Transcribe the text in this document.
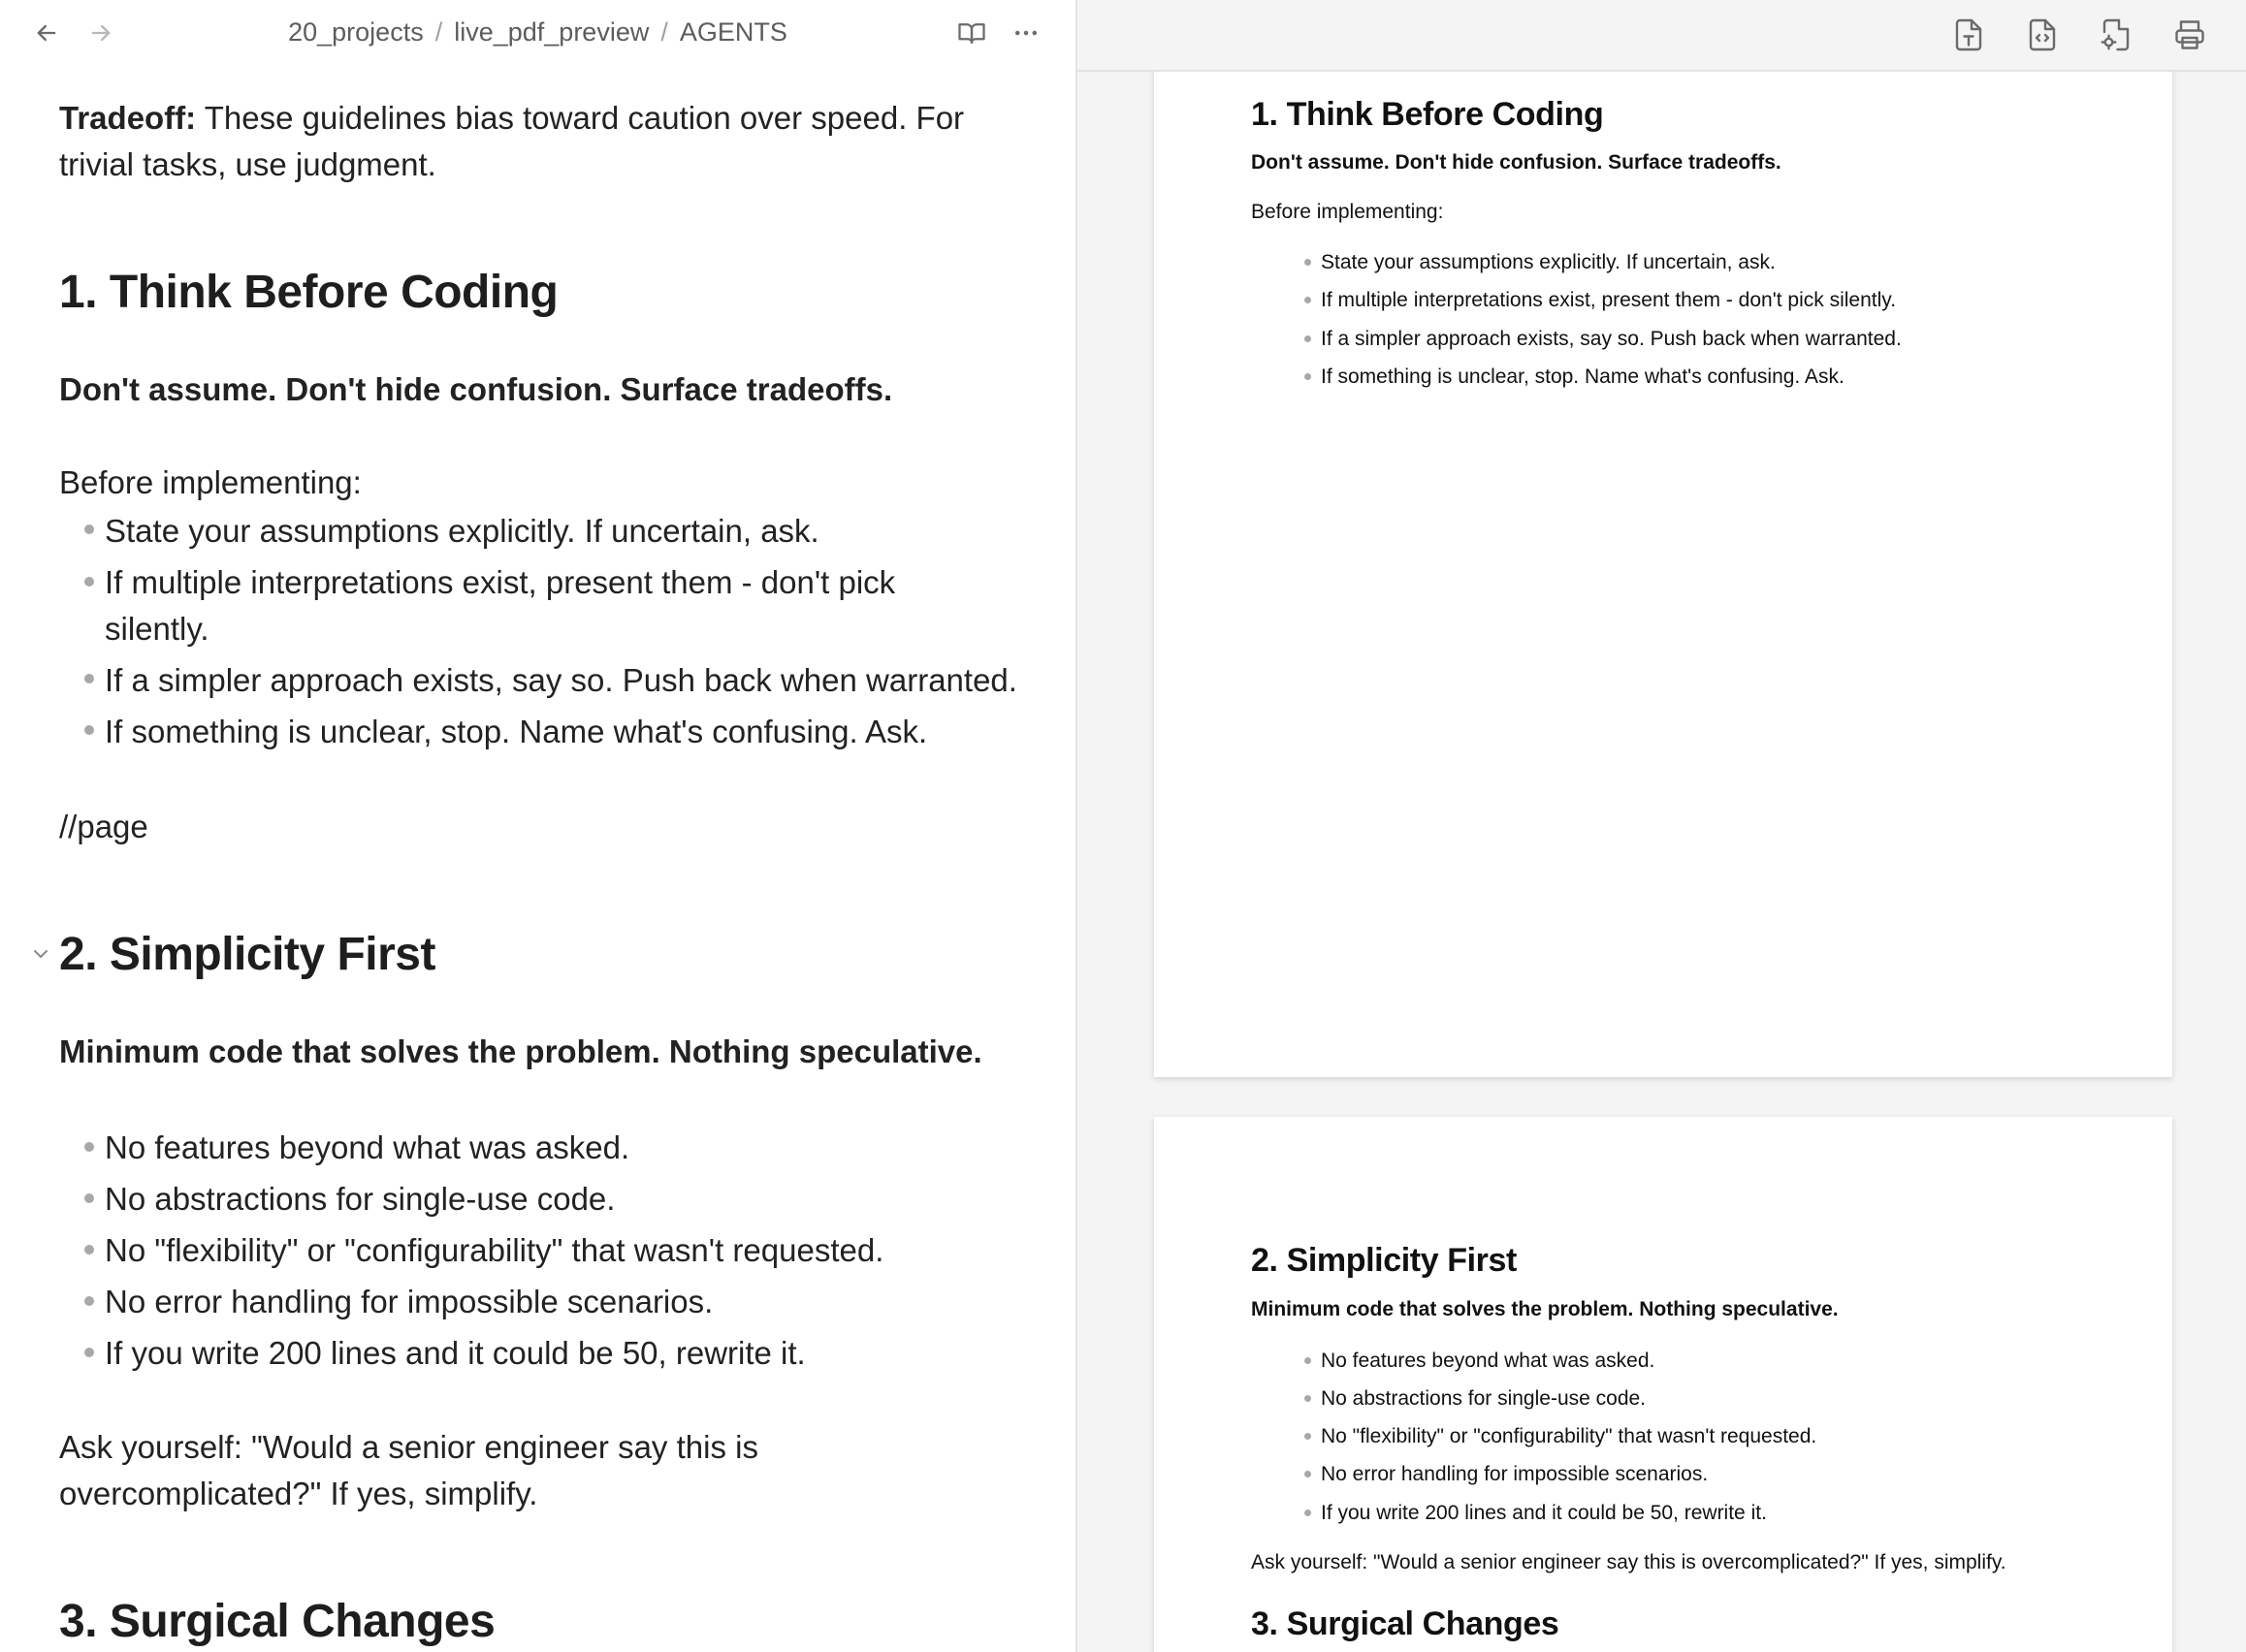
20_projects / live_pdf_preview / AGENTS
Tradeoff: These guidelines bias toward caution over speed. For
trivial tasks, use judgment.
1. Think Before Coding
Don't assume. Don't hide confusion. Surface tradeoffs.
Before implementing:
State your assumptions explicitly. If uncertain, ask.
If multiple interpretations exist, present them - don't pick
silently.
If a simpler approach exists, say so. Push back when warranted.
If something is unclear, stop. Name what's confusing. Ask.
//page
2. Simplicity First
Minimum code that solves the problem. Nothing speculative.
No features beyond what was asked.
No abstractions for single-use code.
No "flexibility" or "configurability" that wasn't requested.
No error handling for impossible scenarios.
If you write 200 lines and it could be 50, rewrite it.
Ask yourself: "Would a senior engineer say this is
overcomplicated?" If yes, simplify.
3. Surgical Changes
1. Think Before Coding
Don't assume. Don't hide confusion. Surface tradeoffs.
Before implementing:
State your assumptions explicitly. If uncertain, ask.
If multiple interpretations exist, present them - don't pick silently.
If a simpler approach exists, say so. Push back when warranted.
If something is unclear, stop. Name what's confusing. Ask.
2. Simplicity First
Minimum code that solves the problem. Nothing speculative.
No features beyond what was asked.
No abstractions for single-use code.
No "flexibility" or "configurability" that wasn't requested.
No error handling for impossible scenarios.
If you write 200 lines and it could be 50, rewrite it.
Ask yourself: "Would a senior engineer say this is overcomplicated?" If yes, simplify.
3. Surgical Changes
